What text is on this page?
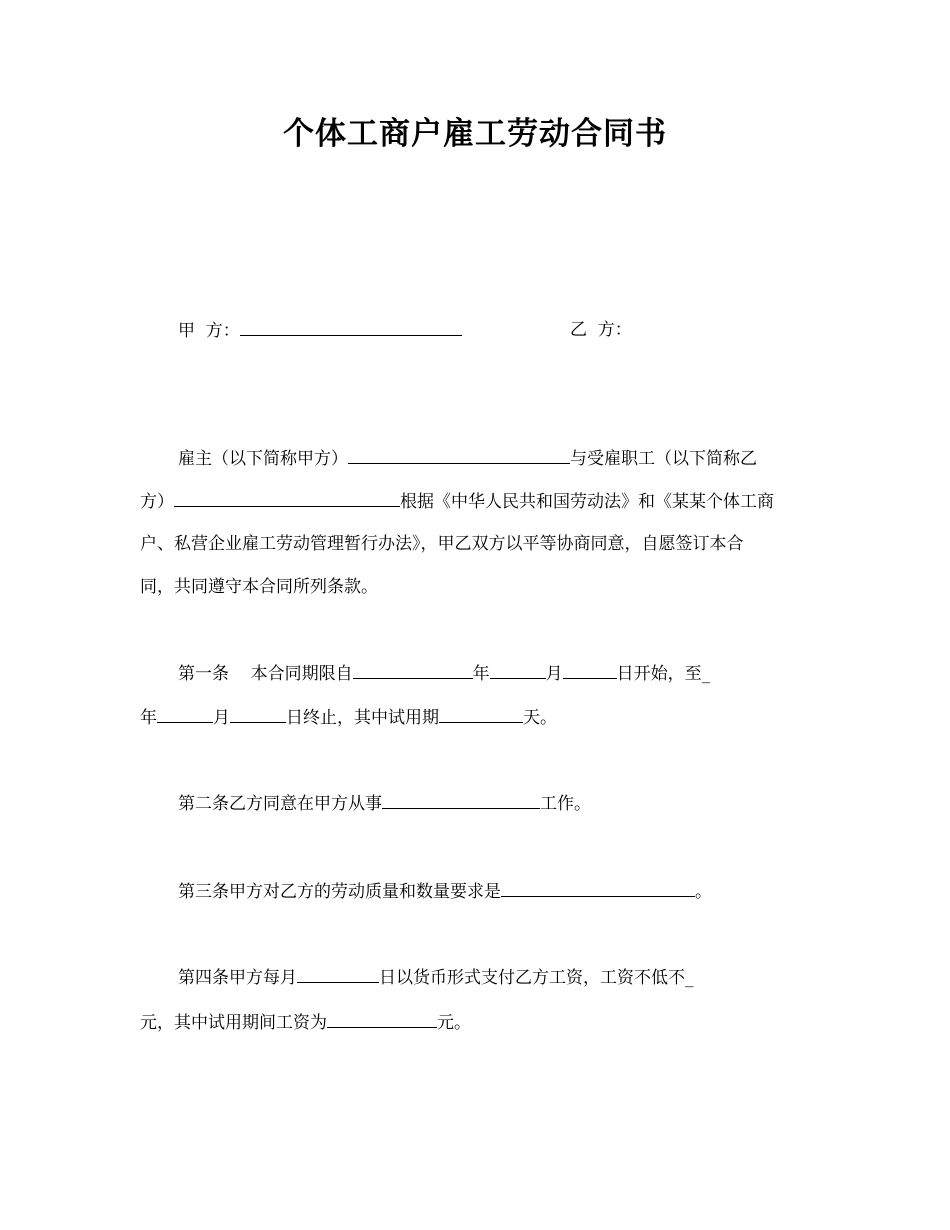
个体工商户雇工劳动合同书
甲  方：	乙  方：
雇主（以下简称甲方）	与受雇职工（以下简称乙
方）	根据《中华人民共和国劳动法》和《某某个体工商
户、私营企业雇工劳动管理暂行办法》，甲乙双方以平等协商同意，自愿签订本合
同，共同遵守本合同所列条款。
第一条    本合同期限自	年	月	日开始，至_
年	月	日终止，其中试用期	天。
第二条乙方同意在甲方从事	工作。
第三条甲方对乙方的劳动质量和数量要求是	。
第四条甲方每月	日以货币形式支付乙方工资，工资不低不_
元，其中试用期间工资为	元。
